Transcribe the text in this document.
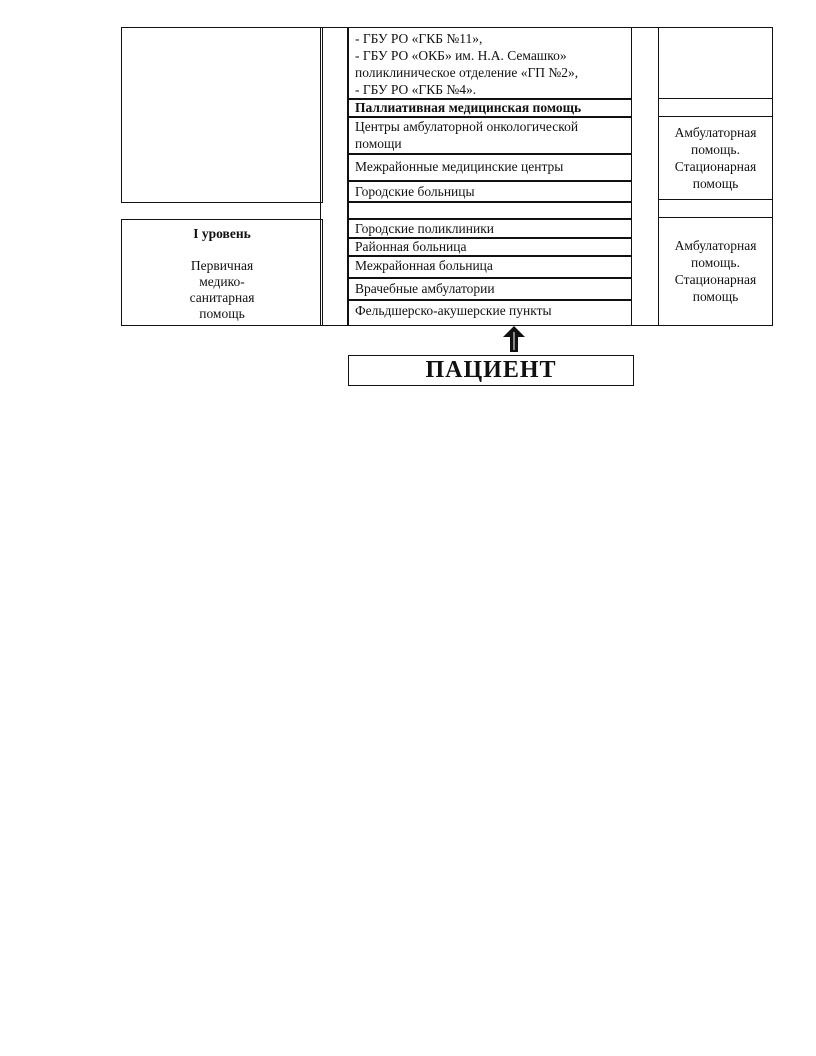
I уровень
Первичная
медико-
санитарная
помощь
- ГБУ РО «ГКБ №11»,
- ГБУ РО «ОКБ» им. Н.А. Семашко»
поликлиническое отделение «ГП №2»,
- ГБУ РО «ГКБ №4».
Паллиативная медицинская помощь
Центры амбулаторной онкологической
помощи
Межрайонные медицинские центры
Городские больницы
Городские поликлиники
Районная больница
Межрайонная больница
Врачебные амбулатории
Фельдшерско-акушерские пункты
Амбулаторная
помощь.
Стационарная
помощь
Амбулаторная
помощь.
Стационарная
помощь
ПАЦИЕНТ
